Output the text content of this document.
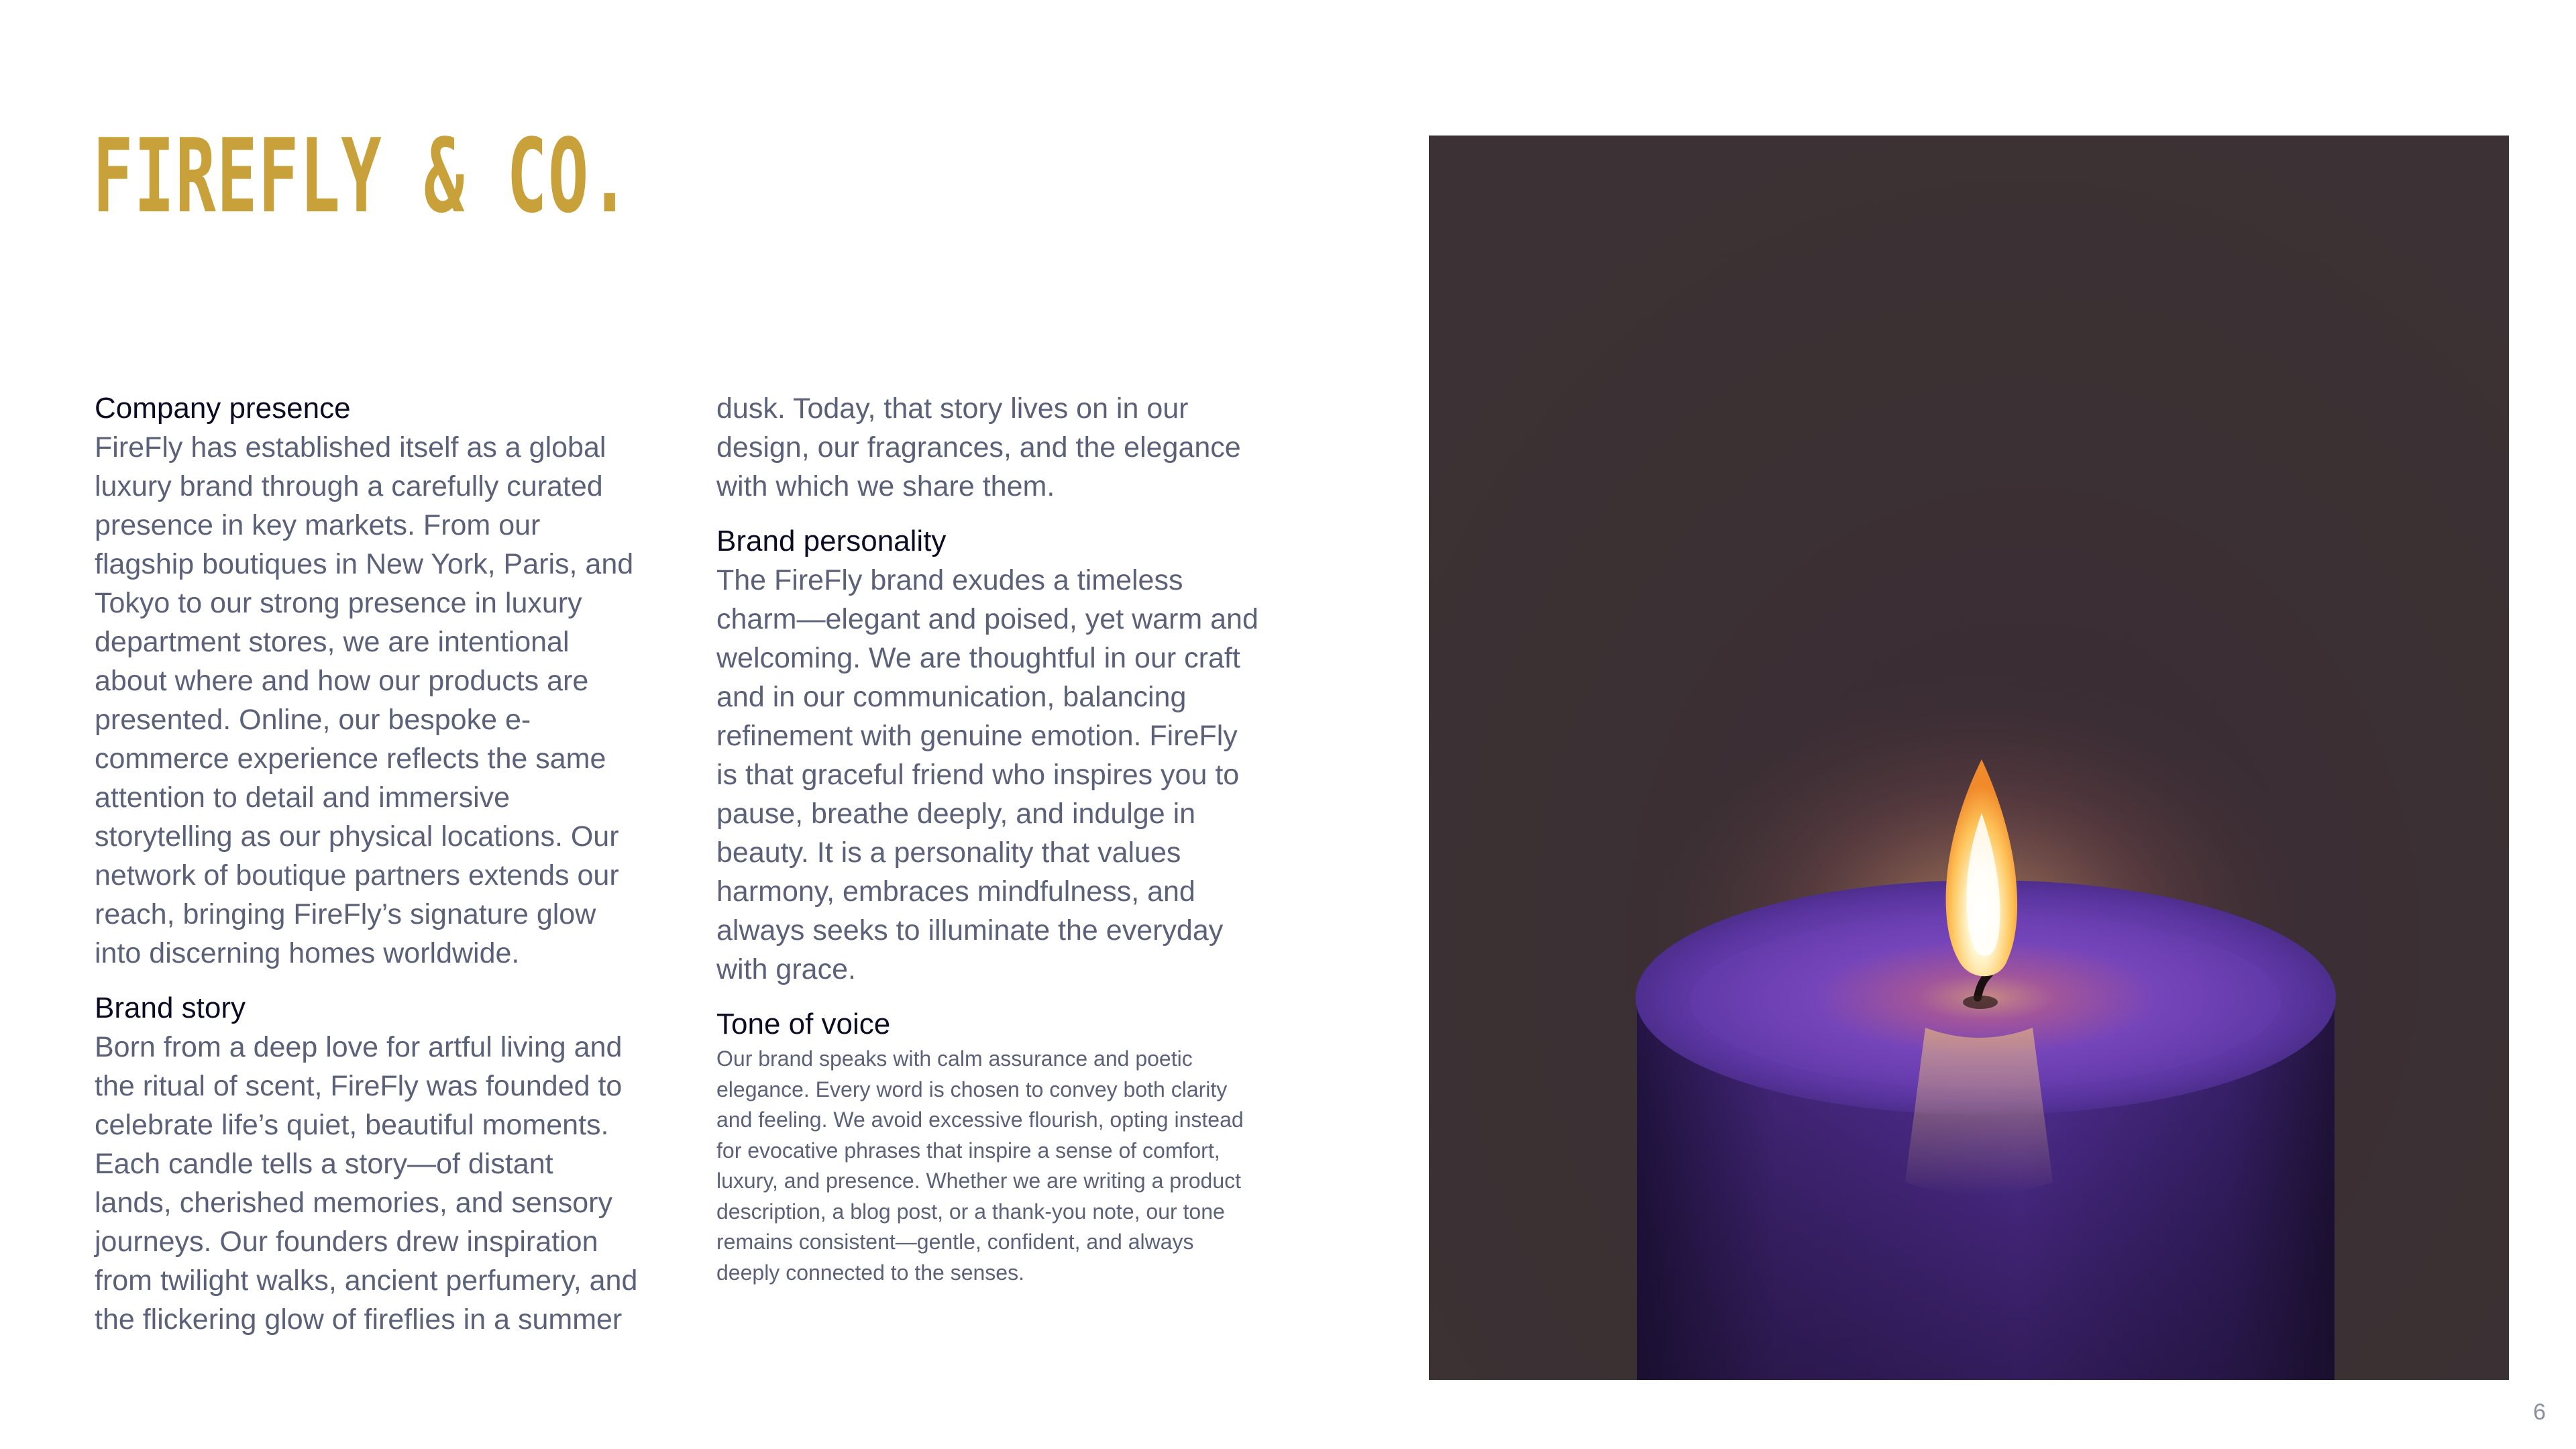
FIREFLY & CO.
Company presence

FireFly has established itself as a global luxury brand through a carefully curated presence in key markets. From our flagship boutiques in New York, Paris, and Tokyo to our strong presence in luxury department stores, we are intentional about where and how our products are presented. Online, our bespoke e-commerce experience reflects the same attention to detail and immersive storytelling as our physical locations. Our network of boutique partners extends our reach, bringing FireFly’s signature glow into discerning homes worldwide.

Brand story

Born from a deep love for artful living and the ritual of scent, FireFly was founded to celebrate life’s quiet, beautiful moments. Each candle tells a story—of distant lands, cherished memories, and sensory journeys. Our founders drew inspiration from twilight walks, ancient perfumery, and the flickering glow of fireflies in a summer

dusk. Today, that story lives on in our design, our fragrances, and the elegance with which we share them.

Brand personality

The FireFly brand exudes a timeless charm—elegant and poised, yet warm and welcoming. We are thoughtful in our craft and in our communication, balancing refinement with genuine emotion. FireFly is that graceful friend who inspires you to pause, breathe deeply, and indulge in beauty. It is a personality that values harmony, embraces mindfulness, and always seeks to illuminate the everyday with grace.

Tone of voice

Our brand speaks with calm assurance and poetic elegance. Every word is chosen to convey both clarity and feeling. We avoid excessive flourish, opting instead for evocative phrases that inspire a sense of comfort, luxury, and presence. Whether we are writing a product description, a blog post, or a thank-you note, our tone remains consistent—gentle, confident, and always deeply connected to the senses.

6
